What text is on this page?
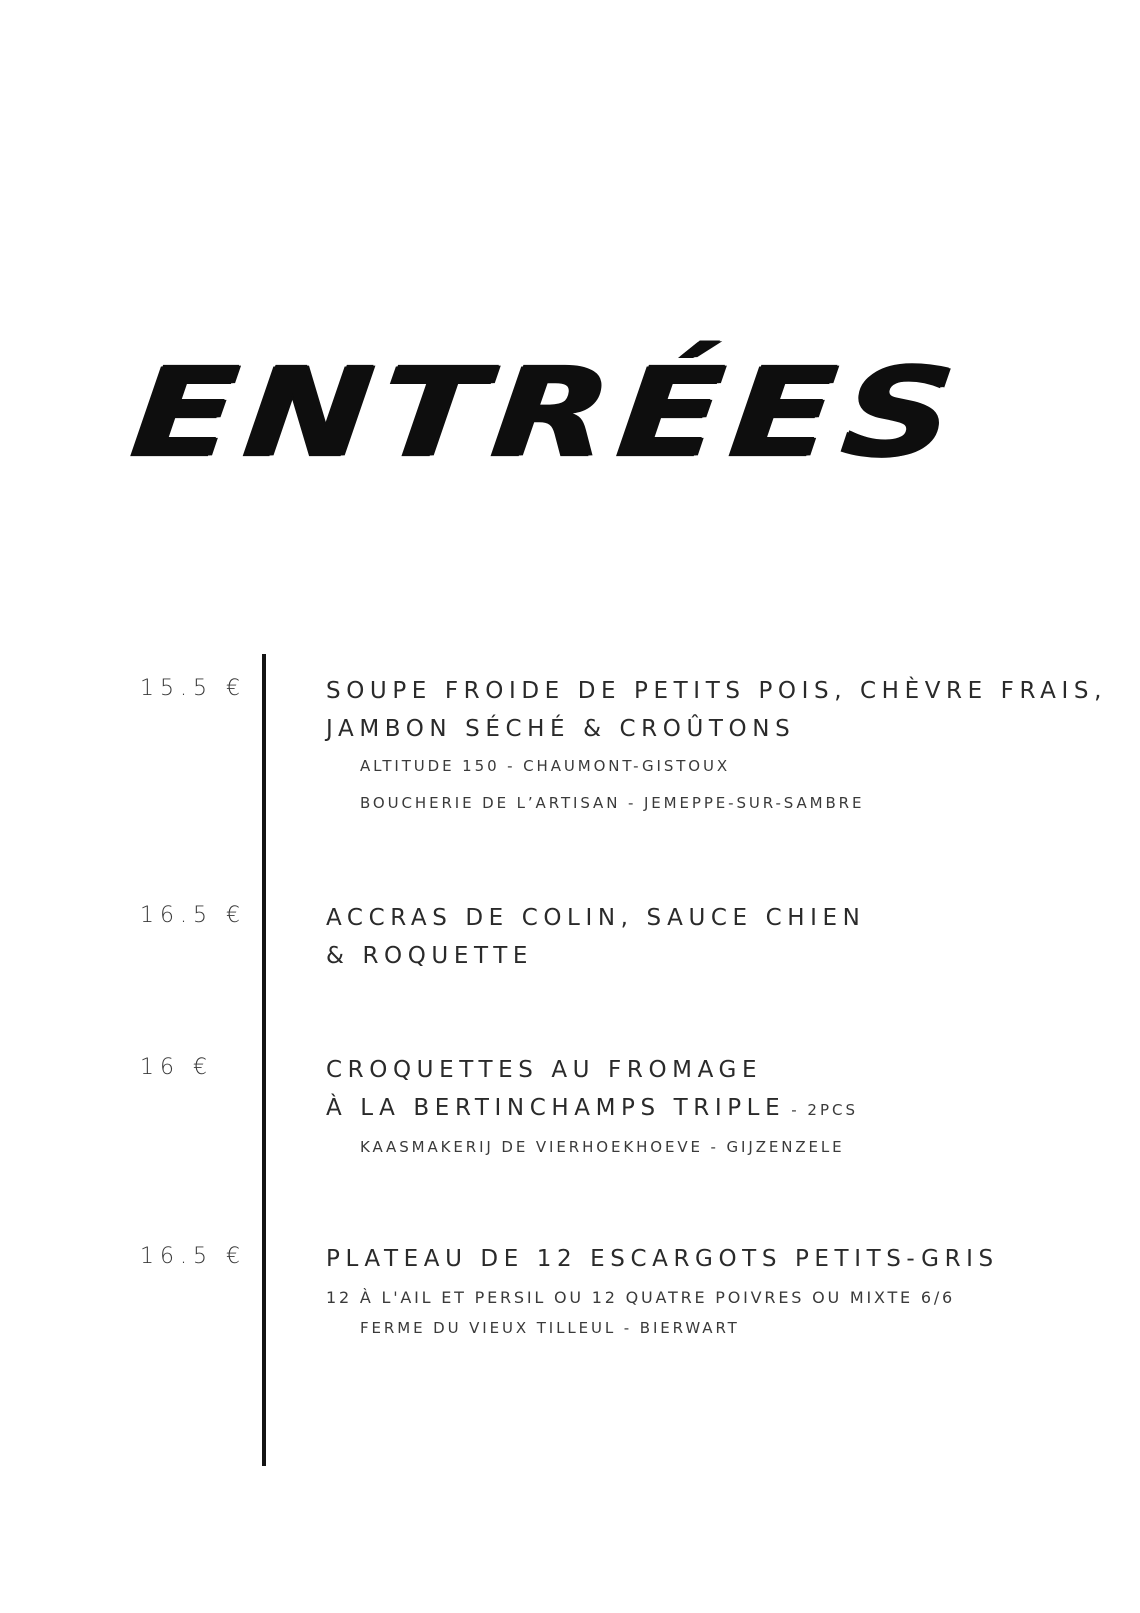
ENTRÉES
15.5 €	SOUPE FROIDE DE PETITS POIS, CHÈVRE FRAIS,
JAMBON SÉCHÉ & CROÛTONS
ALTITUDE 150 - CHAUMONT-GISTOUX
BOUCHERIE DE L’ARTISAN - JEMEPPE-SUR-SAMBRE
16.5 €	ACCRAS DE COLIN, SAUCE CHIEN
& ROQUETTE
16 €	CROQUETTES AU FROMAGE
À LA BERTINCHAMPS TRIPLE - 2PCS
KAASMAKERIJ DE VIERHOEKHOEVE - GIJZENZELE
16.5 €	PLATEAU DE 12 ESCARGOTS PETITS-GRIS
12 À L'AIL ET PERSIL OU 12 QUATRE POIVRES OU MIXTE 6/6
FERME DU VIEUX TILLEUL - BIERWART
